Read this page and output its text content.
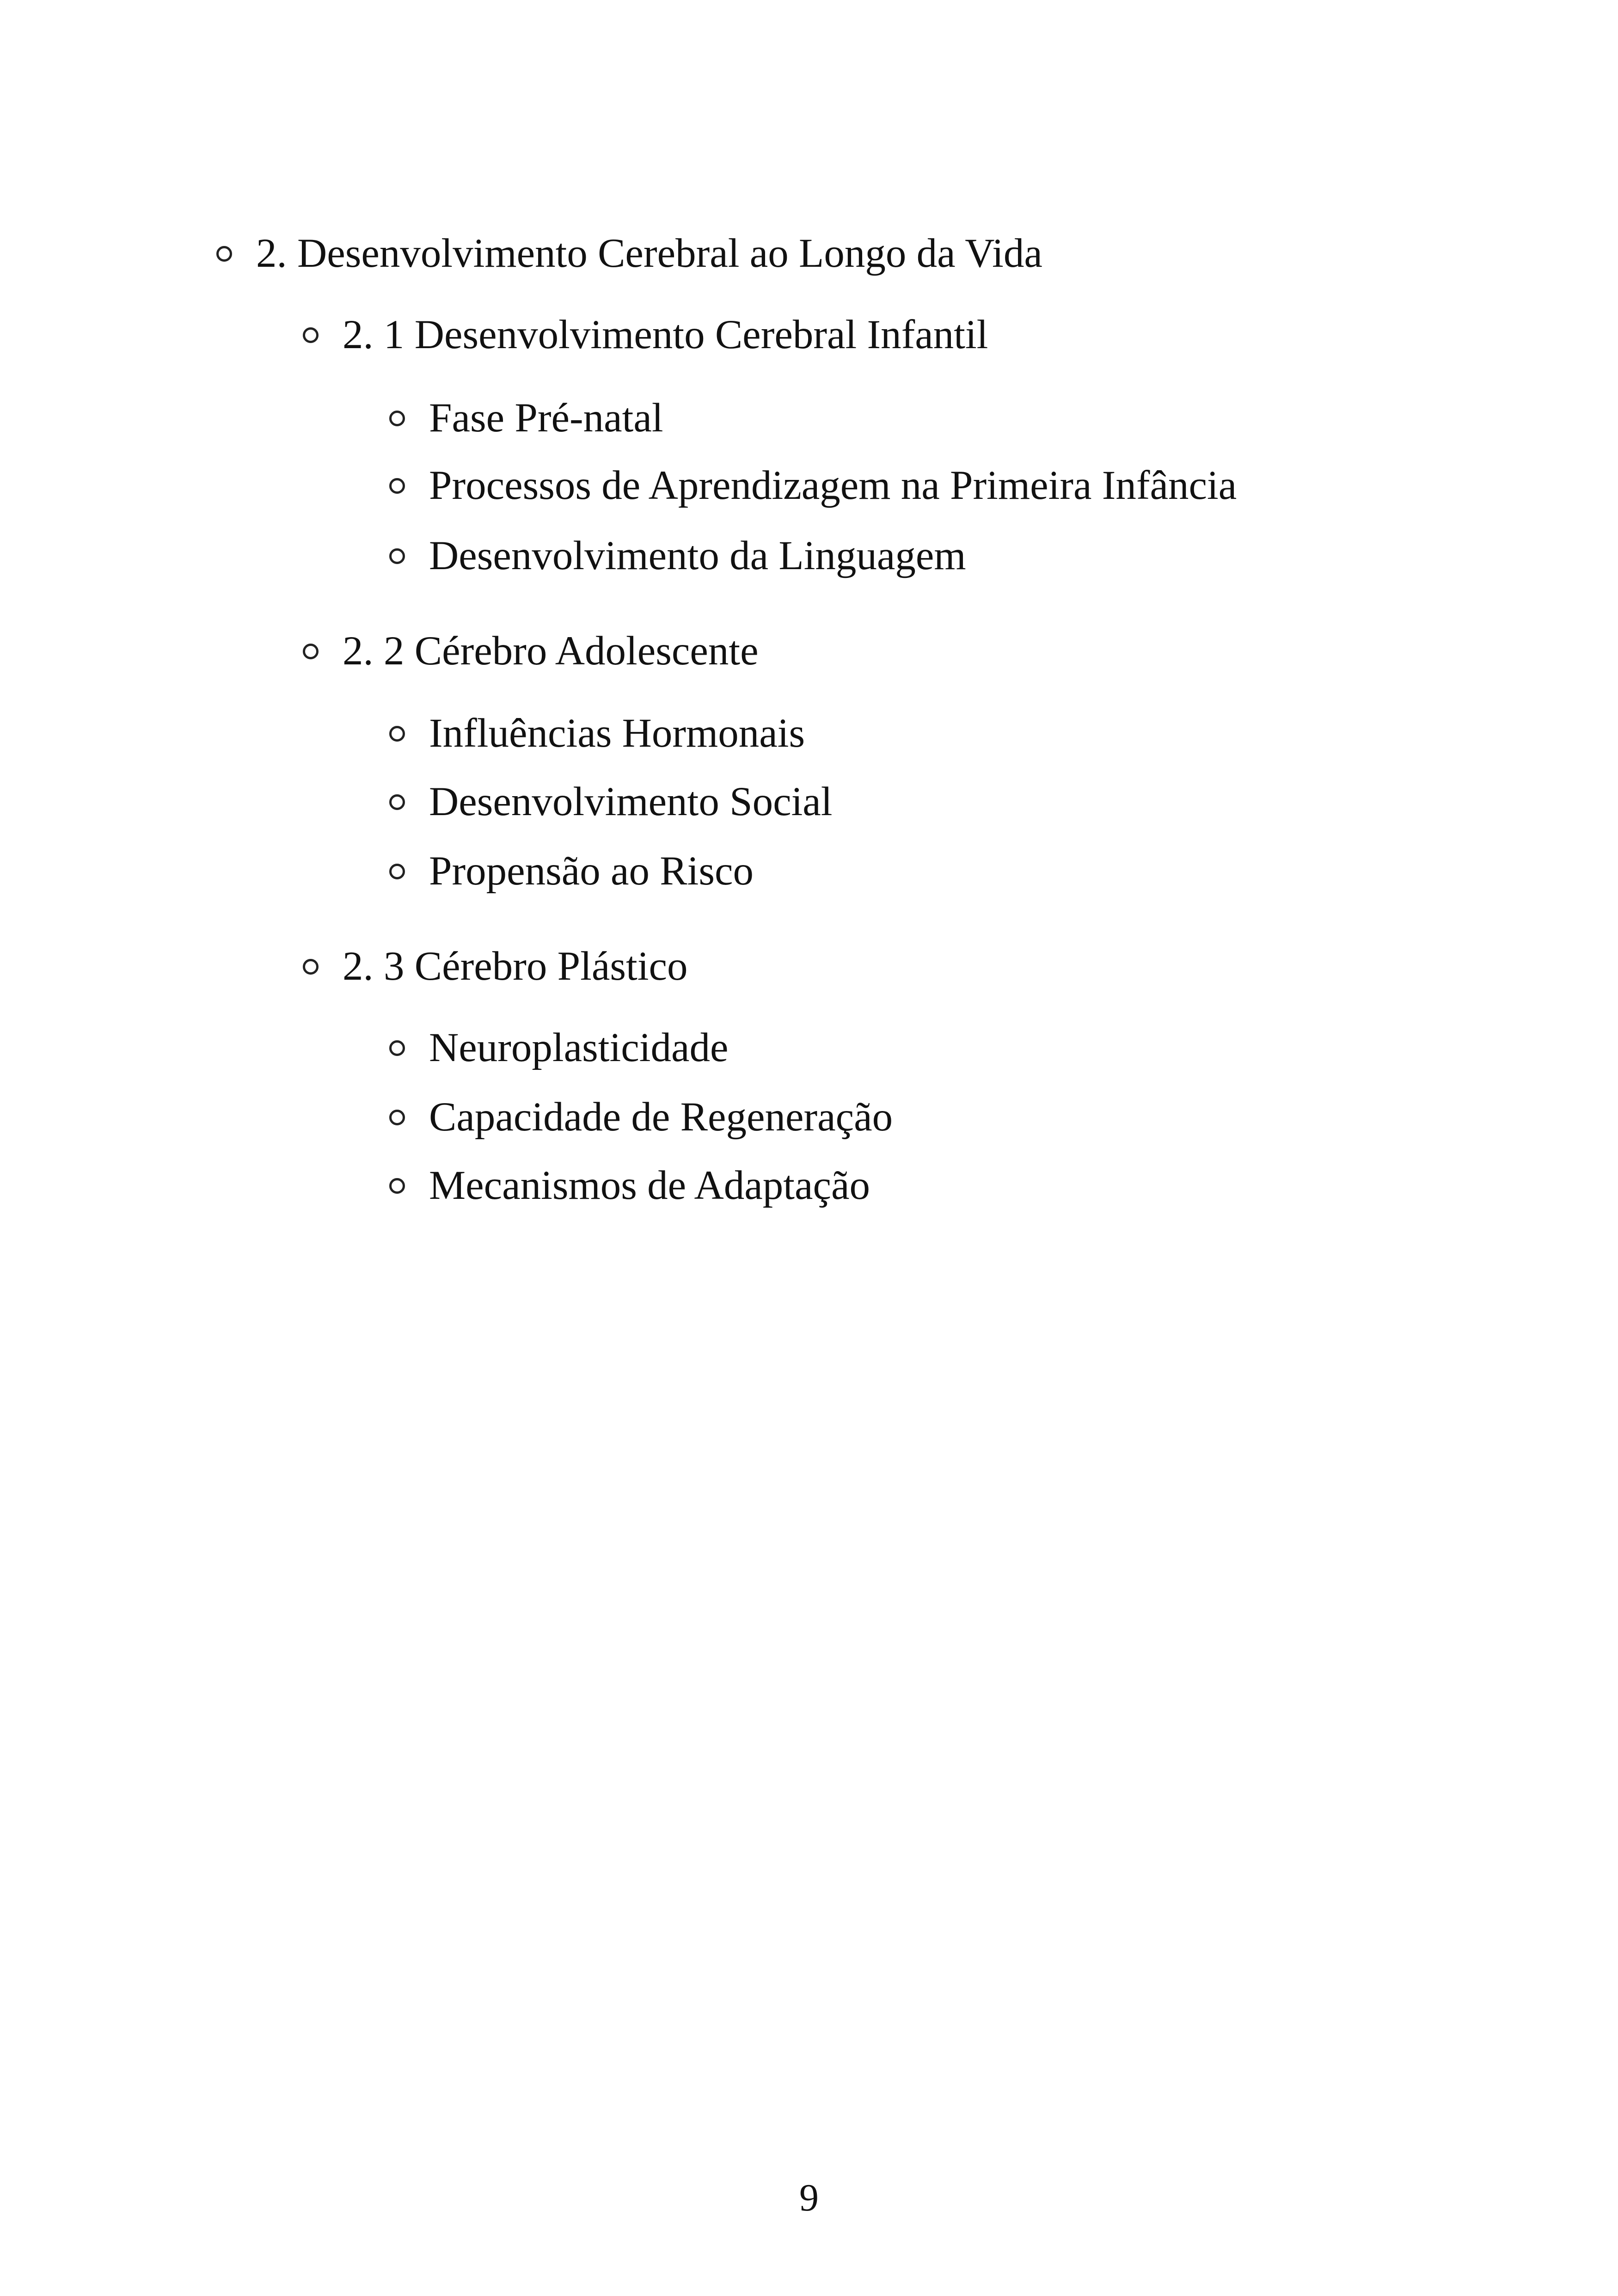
2. Desenvolvimento Cerebral ao Longo da Vida
2. 1 Desenvolvimento Cerebral Infantil
Fase Pré-natal
Processos de Aprendizagem na Primeira Infância
Desenvolvimento da Linguagem
2. 2 Cérebro Adolescente
Influências Hormonais
Desenvolvimento Social
Propensão ao Risco
2. 3 Cérebro Plástico
Neuroplasticidade
Capacidade de Regeneração
Mecanismos de Adaptação
9
